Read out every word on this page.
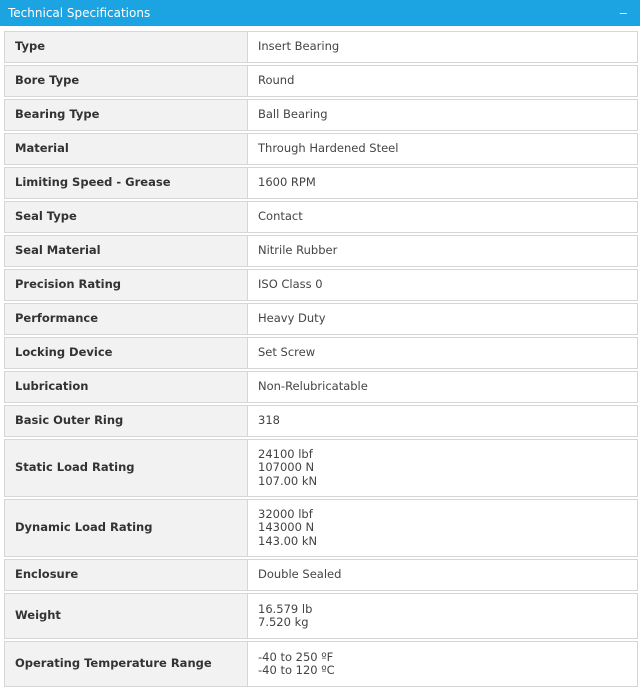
Technical Specifications	−
Type	Insert Bearing

Bore Type	Round

Bearing Type	Ball Bearing

Material	Through Hardened Steel

Limiting Speed - Grease	1600 RPM

Seal Type	Contact

Seal Material	Nitrile Rubber

Precision Rating	ISO Class 0

Performance	Heavy Duty

Locking Device	Set Screw

Lubrication	Non-Relubricatable

Basic Outer Ring	318

Static Load Rating	24100 lbf
107000 N
107.00 kN

Dynamic Load Rating	32000 lbf
143000 N
143.00 kN

Enclosure	Double Sealed

Weight	16.579 lb
7.520 kg

Operating Temperature Range	-40 to 250 ºF
-40 to 120 ºC
